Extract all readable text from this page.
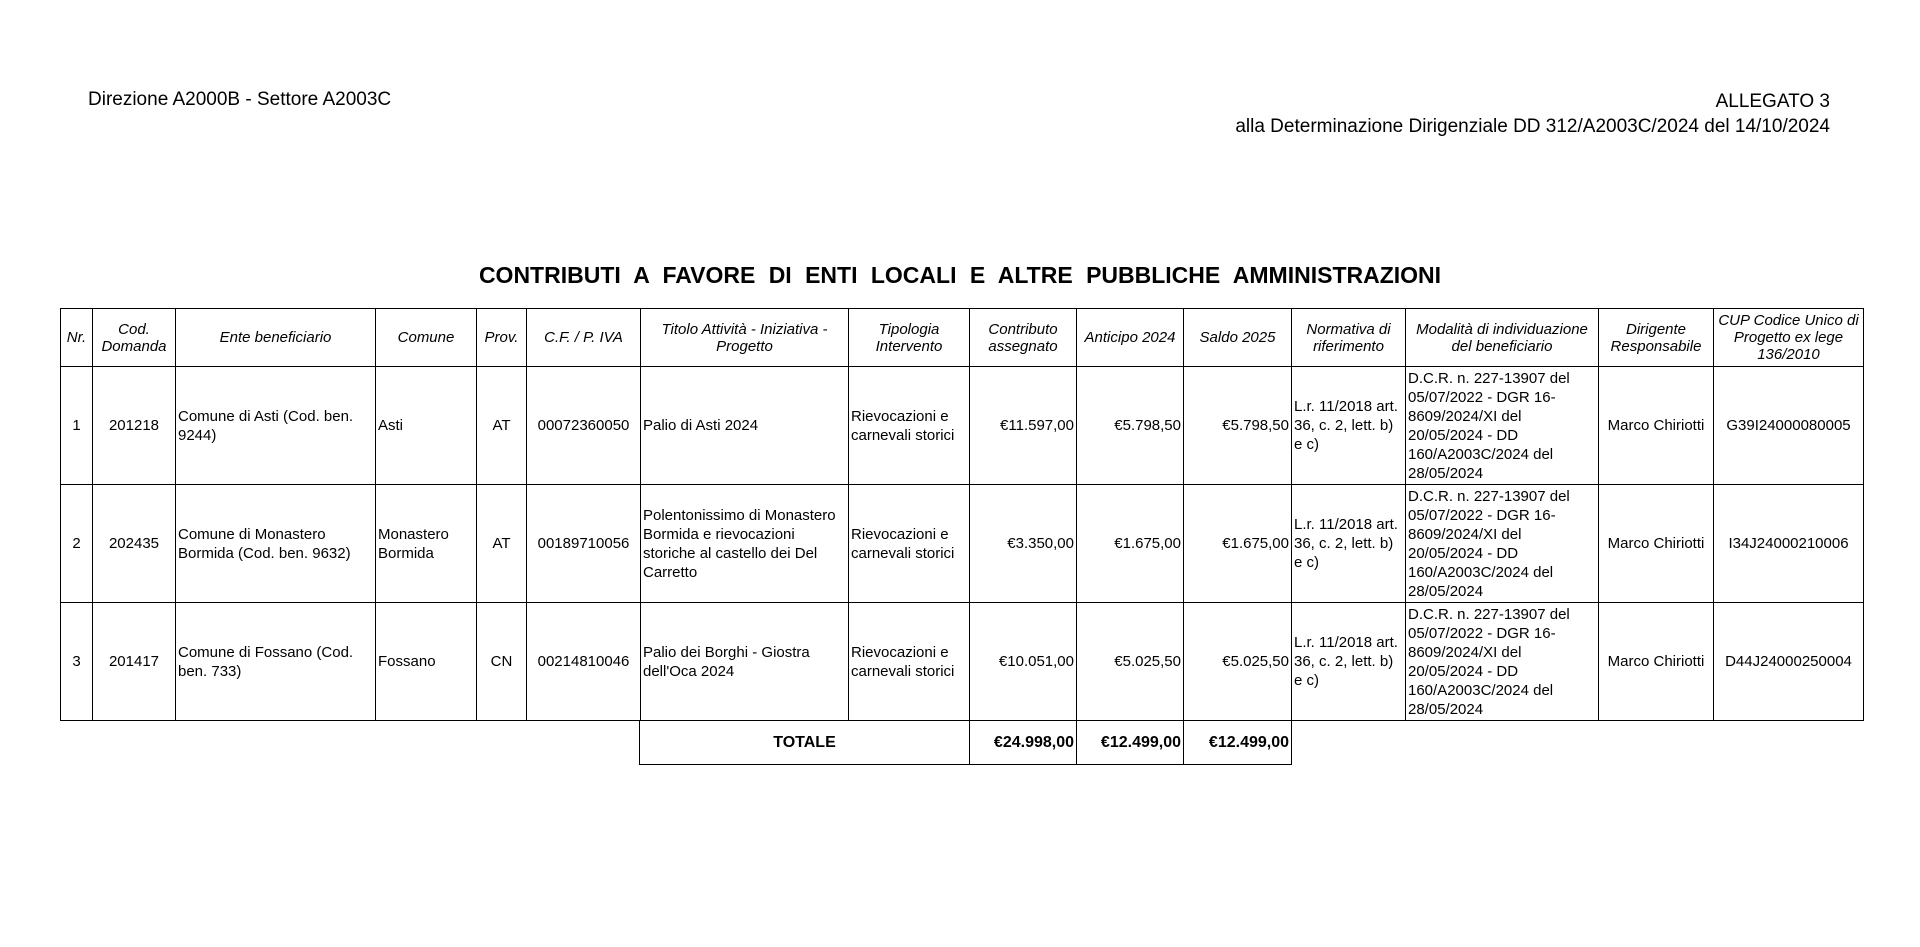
Direzione A2000B - Settore A2003C	ALLEGATO 3
alla Determinazione Dirigenziale DD 312/A2003C/2024 del 14/10/2024
CONTRIBUTI A FAVORE DI ENTI LOCALI E ALTRE PUBBLICHE AMMINISTRAZIONI
Nr.	Cod. Domanda	Ente beneficiario	Comune	Prov.	C.F. / P. IVA	Titolo Attività - Iniziativa - Progetto	Tipologia Intervento	Contributo assegnato	Anticipo 2024	Saldo 2025	Normativa di riferimento	Modalità di individuazione del beneficiario	Dirigente Responsabile	CUP Codice Unico di Progetto ex lege 136/2010
1	201218	Comune di Asti (Cod. ben. 9244)	Asti	AT	00072360050	Palio di Asti 2024	Rievocazioni e carnevali storici	€11.597,00	€5.798,50	€5.798,50	L.r. 11/2018 art. 36, c. 2, lett. b) e c)	D.C.R. n. 227-13907 del 05/07/2022 - DGR 16-8609/2024/XI del 20/05/2024 - DD 160/A2003C/2024 del 28/05/2024	Marco Chiriotti	G39I24000080005
2	202435	Comune di Monastero Bormida (Cod. ben. 9632)	Monastero Bormida	AT	00189710056	Polentonissimo di Monastero Bormida e rievocazioni storiche al castello dei Del Carretto	Rievocazioni e carnevali storici	€3.350,00	€1.675,00	€1.675,00	L.r. 11/2018 art. 36, c. 2, lett. b) e c)	D.C.R. n. 227-13907 del 05/07/2022 - DGR 16-8609/2024/XI del 20/05/2024 - DD 160/A2003C/2024 del 28/05/2024	Marco Chiriotti	I34J24000210006
3	201417	Comune di Fossano (Cod. ben. 733)	Fossano	CN	00214810046	Palio dei Borghi - Giostra dell'Oca 2024	Rievocazioni e carnevali storici	€10.051,00	€5.025,50	€5.025,50	L.r. 11/2018 art. 36, c. 2, lett. b) e c)	D.C.R. n. 227-13907 del 05/07/2022 - DGR 16-8609/2024/XI del 20/05/2024 - DD 160/A2003C/2024 del 28/05/2024	Marco Chiriotti	D44J24000250004
TOTALE	€24.998,00	€12.499,00	€12.499,00
